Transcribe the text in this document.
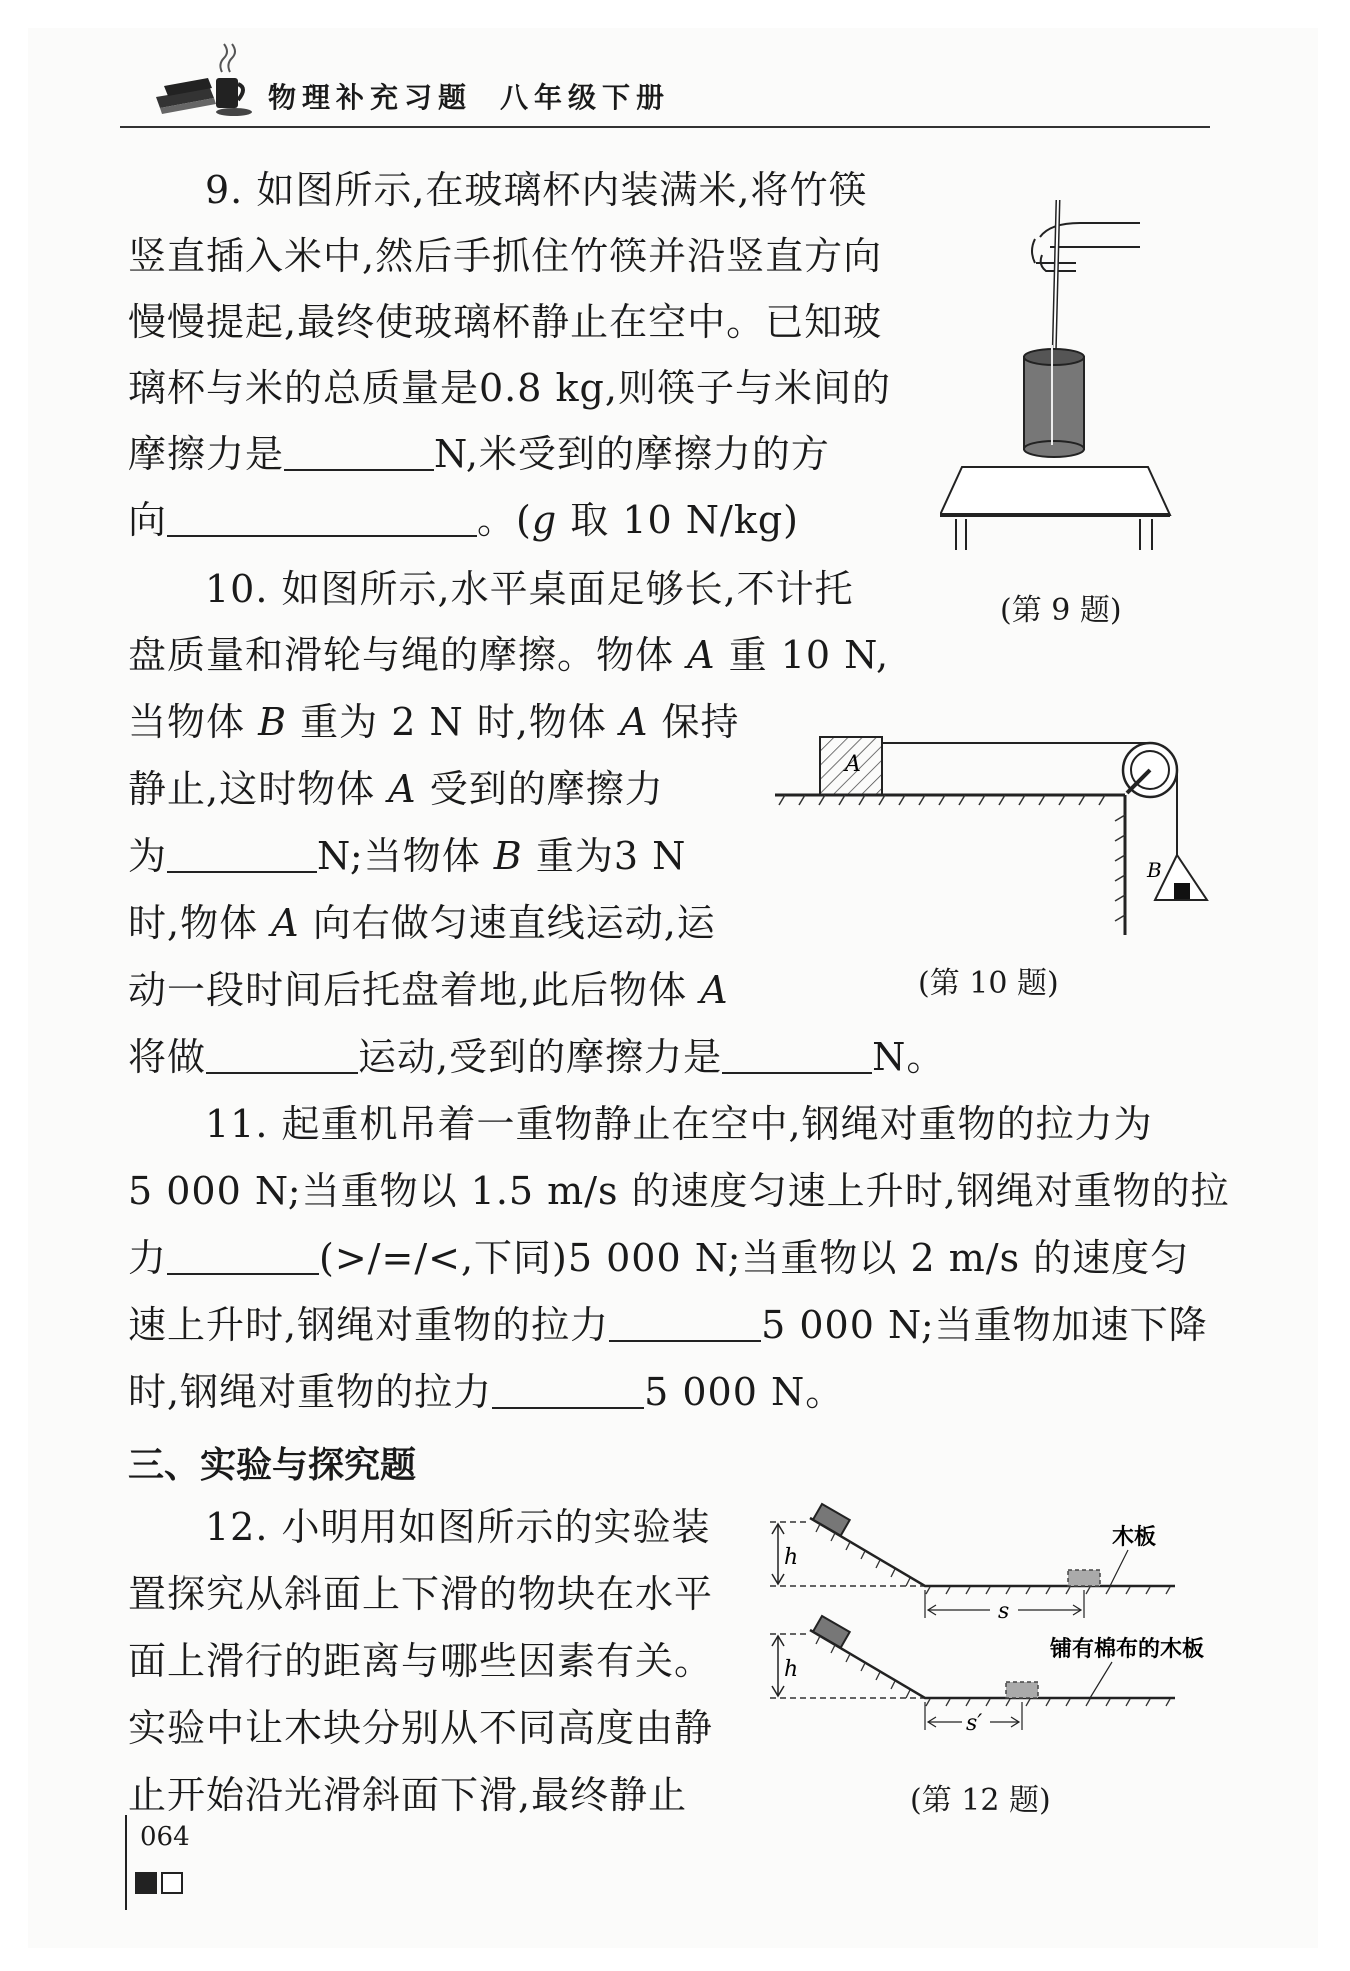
物理补充习题 八年级下册
9. 如图所示,在玻璃杯内装满米,将竹筷
竖直插入米中,然后手抓住竹筷并沿竖直方向
慢慢提起,最终使玻璃杯静止在空中。已知玻
璃杯与米的总质量是0.8 kg,则筷子与米间的
摩擦力是	N,米受到的摩擦力的方
向	。(g 取 10 N/kg)
(第 9 题)
10. 如图所示,水平桌面足够长,不计托
盘质量和滑轮与绳的摩擦。物体 A 重 10 N,
当物体 B 重为 2 N 时,物体 A 保持
静止,这时物体 A 受到的摩擦力
为	N;当物体 B 重为3 N
时,物体 A 向右做匀速直线运动,运
动一段时间后托盘着地,此后物体 A
将做	运动,受到的摩擦力是	N。
A
B
(第 10 题)
11. 起重机吊着一重物静止在空中,钢绳对重物的拉力为
5 000 N;当重物以 1.5 m/s 的速度匀速上升时,钢绳对重物的拉
力	(>/=/<,下同)5 000 N;当重物以 2 m/s 的速度匀
速上升时,钢绳对重物的拉力	5 000 N;当重物加速下降
时,钢绳对重物的拉力	5 000 N。
三、实验与探究题
12. 小明用如图所示的实验装
置探究从斜面上下滑的物块在水平
面上滑行的距离与哪些因素有关。
实验中让木块分别从不同高度由静
止开始沿光滑斜面下滑,最终静止
h
s
木板
h
s′
铺有棉布的木板
(第 12 题)
064
